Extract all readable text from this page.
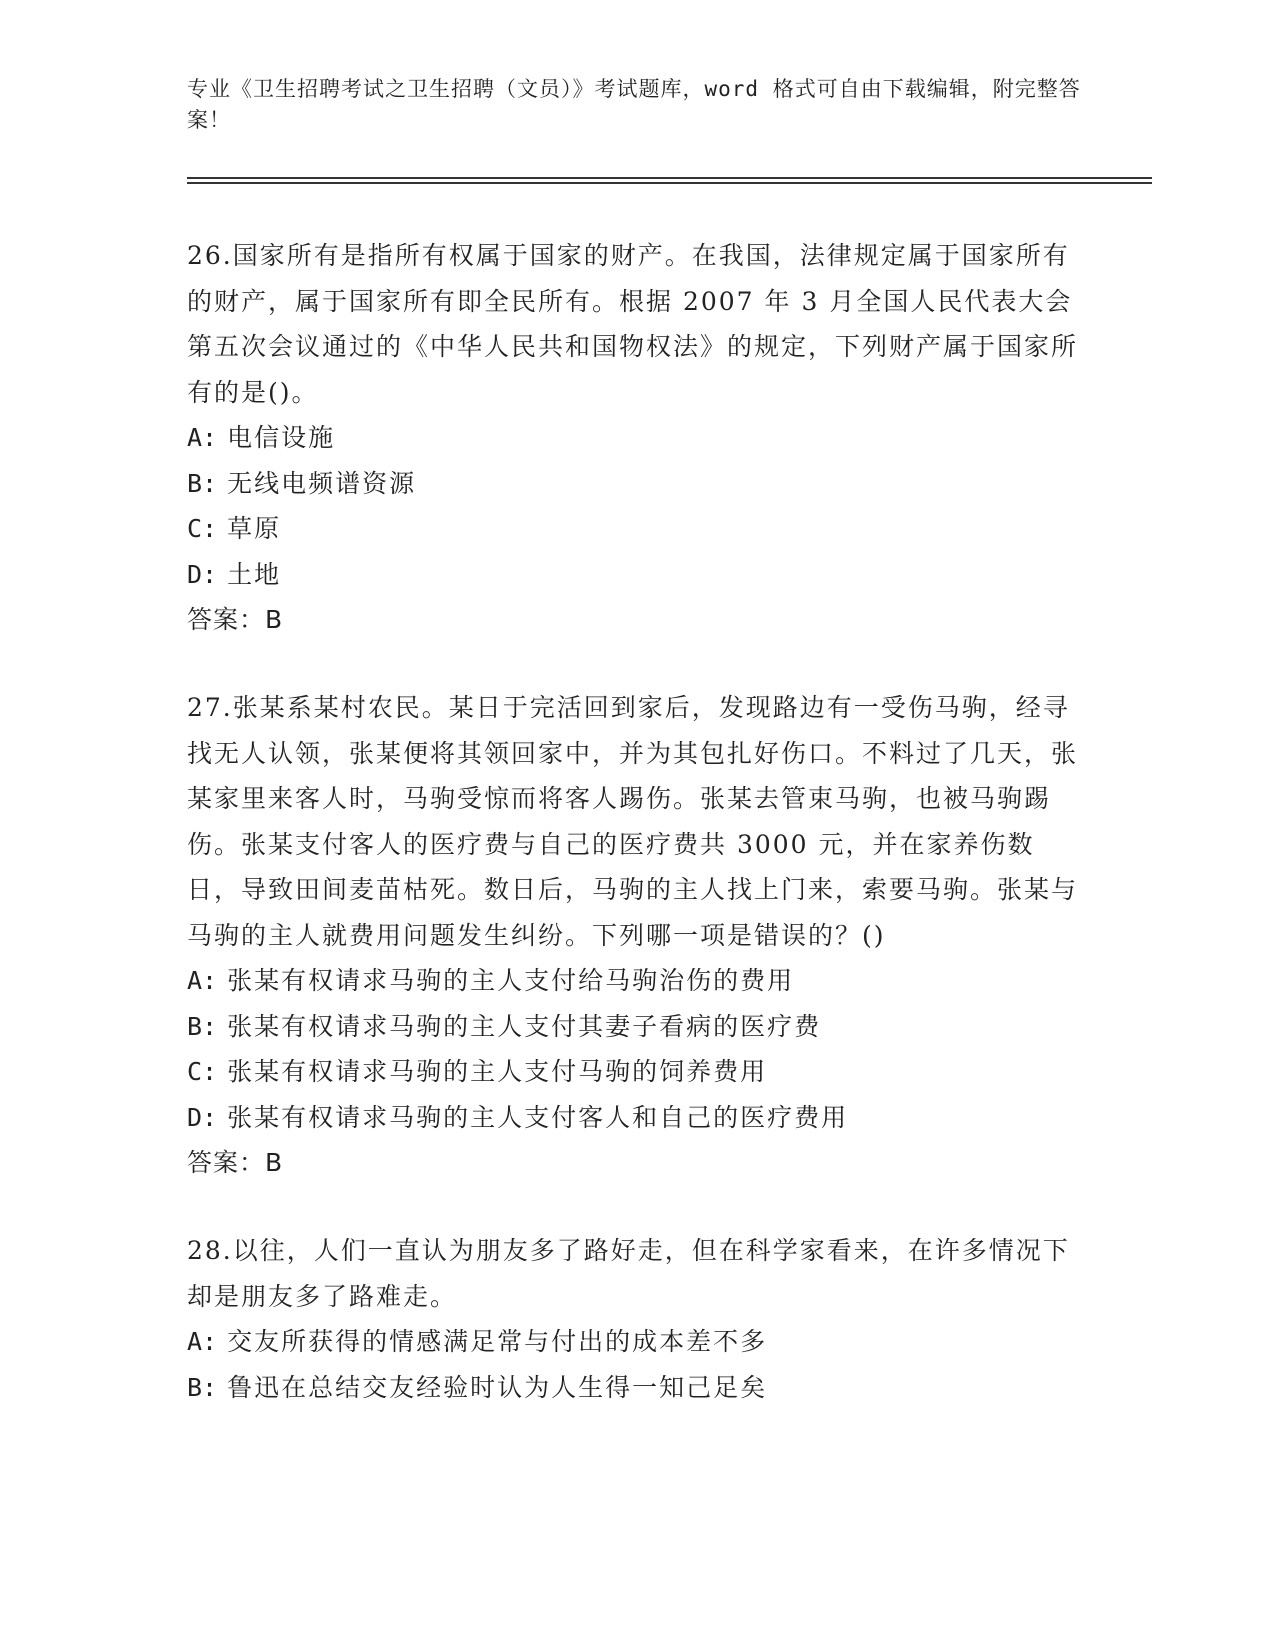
专业《卫生招聘考试之卫生招聘（文员）》考试题库，word 格式可自由下载编辑，附完整答案！
26.国家所有是指所有权属于国家的财产。在我国，法律规定属于国家所有的财产，属于国家所有即全民所有。根据 2007 年 3 月全国人民代表大会第五次会议通过的《中华人民共和国物权法》的规定，下列财产属于国家所有的是()。
A: 电信设施
B: 无线电频谱资源
C: 草原
D: 土地
答案：B
27.张某系某村农民。某日于完活回到家后，发现路边有一受伤马驹，经寻找无人认领，张某便将其领回家中，并为其包扎好伤口。不料过了几天，张某家里来客人时，马驹受惊而将客人踢伤。张某去管束马驹，也被马驹踢伤。张某支付客人的医疗费与自己的医疗费共 3000 元，并在家养伤数日，导致田间麦苗枯死。数日后，马驹的主人找上门来，索要马驹。张某与马驹的主人就费用问题发生纠纷。下列哪一项是错误的？()
A: 张某有权请求马驹的主人支付给马驹治伤的费用
B: 张某有权请求马驹的主人支付其妻子看病的医疗费
C: 张某有权请求马驹的主人支付马驹的饲养费用
D: 张某有权请求马驹的主人支付客人和自己的医疗费用
答案：B
28.以往，人们一直认为朋友多了路好走，但在科学家看来，在许多情况下却是朋友多了路难走。
A: 交友所获得的情感满足常与付出的成本差不多
B: 鲁迅在总结交友经验时认为人生得一知己足矣
